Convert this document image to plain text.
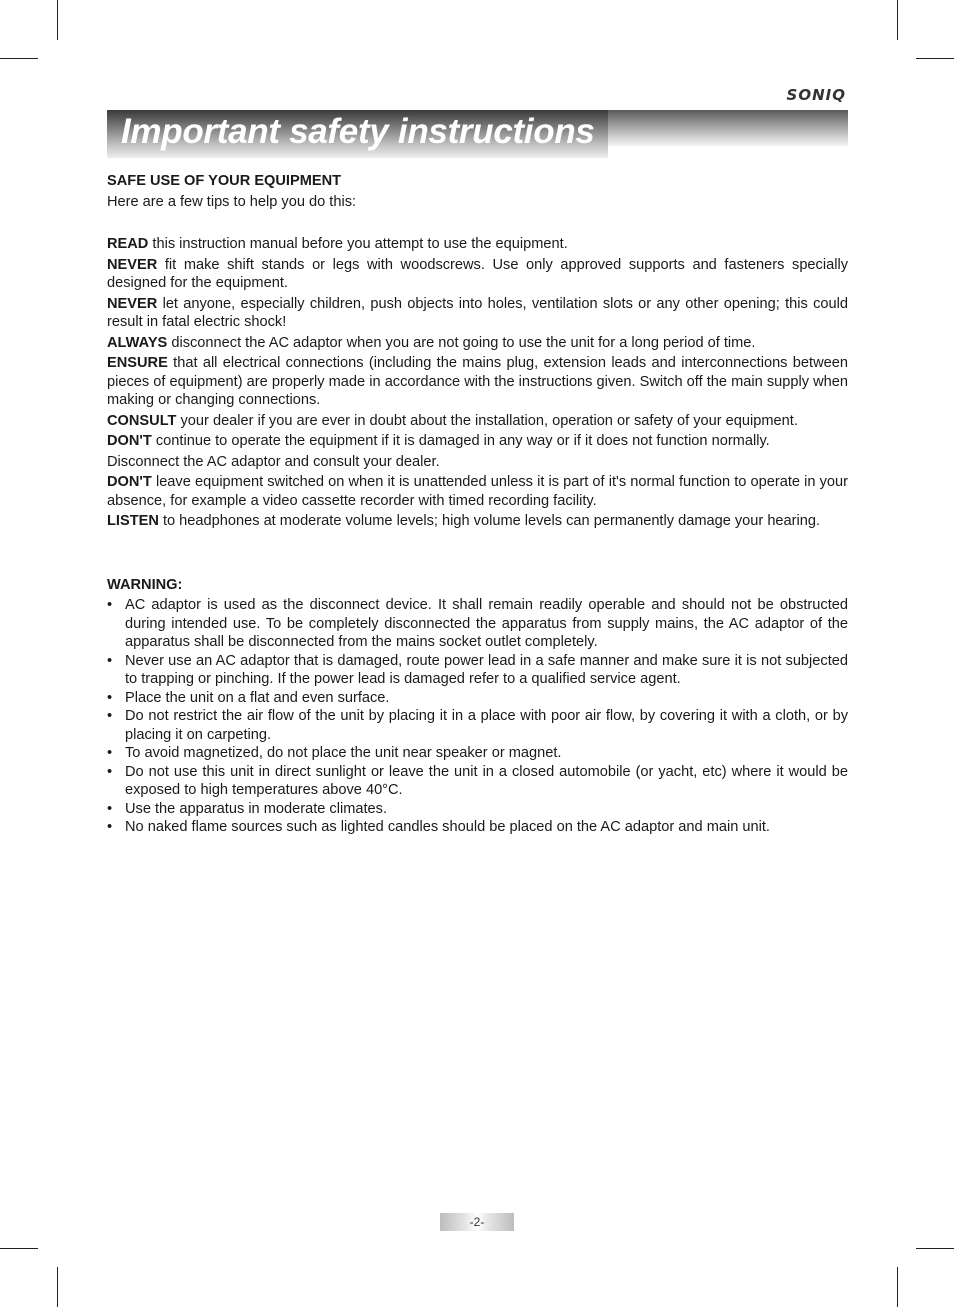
SONIQ
Important safety instructions

SAFE USE OF YOUR EQUIPMENT

Here are a few tips to help you do this:

READ this instruction manual before you attempt to use the equipment.

NEVER fit make shift stands or legs with woodscrews. Use only approved supports and fasteners specially designed for the equipment.

NEVER let anyone, especially children, push objects into holes, ventilation slots or any other opening; this could result in fatal electric shock!

ALWAYS disconnect the AC adaptor when you are not going to use the unit for a long period of time.

ENSURE that all electrical connections (including the mains plug, extension leads and interconnections between pieces of equipment) are properly made in accordance with the instructions given. Switch off the main supply when making or changing connections.

CONSULT your dealer if you are ever in doubt about the installation, operation or safety of your equipment.

DON'T continue to operate the equipment if it is damaged in any way or if it does not function normally.

Disconnect the AC adaptor and consult your dealer.

DON'T leave equipment switched on when it is unattended unless it is part of it's normal function to operate in your absence, for example a video cassette recorder with timed recording facility.

LISTEN to headphones at moderate volume levels; high volume levels can permanently damage your hearing.

WARNING:

• AC adaptor is used as the disconnect device. It shall remain readily operable and should not be obstructed during intended use. To be completely disconnected the apparatus from supply mains, the AC adaptor of the apparatus shall be disconnected from the mains socket outlet completely.
• Never use an AC adaptor that is damaged, route power lead in a safe manner and make sure it is not subjected to trapping or pinching. If the power lead is damaged refer to a qualified service agent.
• Place the unit on a flat and even surface.
• Do not restrict the air flow of the unit by placing it in a place with poor air flow, by covering it with a cloth, or by placing it on carpeting.
• To avoid magnetized, do not place the unit near speaker or magnet.
• Do not use this unit in direct sunlight or leave the unit in a closed automobile (or yacht, etc) where it would be exposed to high temperatures above 40°C.
• Use the apparatus in moderate climates.
• No naked flame sources such as lighted candles should be placed on the AC adaptor and main unit.
-2-
